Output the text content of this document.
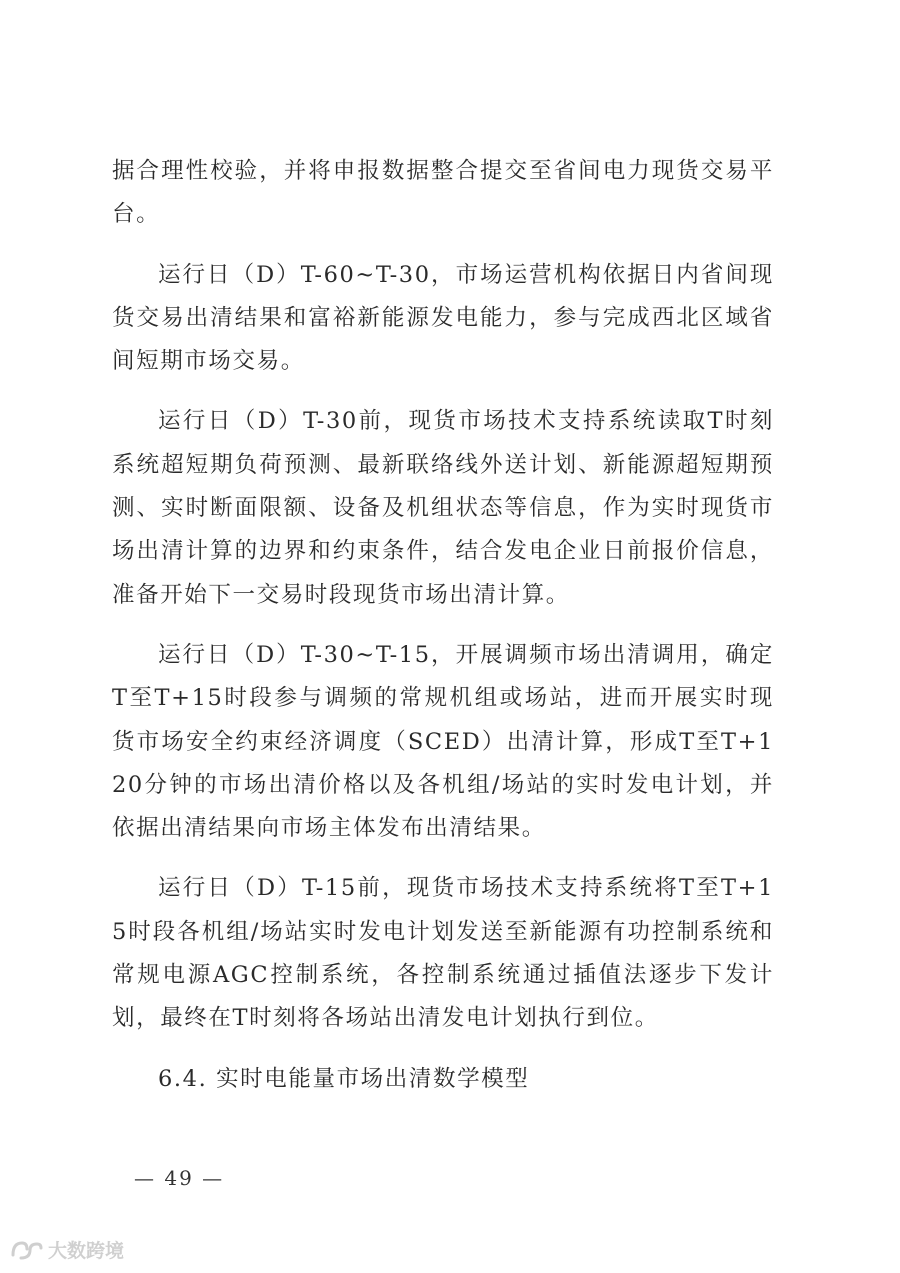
据合理性校验，并将申报数据整合提交至省间电力现货交易平台。

运行日（D）T-60~T-30，市场运营机构依据日内省间现货交易出清结果和富裕新能源发电能力，参与完成西北区域省间短期市场交易。

运行日（D）T-30前，现货市场技术支持系统读取T时刻系统超短期负荷预测、最新联络线外送计划、新能源超短期预测、实时断面限额、设备及机组状态等信息，作为实时现货市场出清计算的边界和约束条件，结合发电企业日前报价信息，准备开始下一交易时段现货市场出清计算。

运行日（D）T-30~T-15，开展调频市场出清调用，确定T至T+15时段参与调频的常规机组或场站，进而开展实时现货市场安全约束经济调度（SCED）出清计算，形成T至T+120分钟的市场出清价格以及各机组/场站的实时发电计划，并依据出清结果向市场主体发布出清结果。

运行日（D）T-15前，现货市场技术支持系统将T至T+15时段各机组/场站实时发电计划发送至新能源有功控制系统和常规电源AGC控制系统，各控制系统通过插值法逐步下发计划，最终在T时刻将各场站出清发电计划执行到位。

6.4. 实时电能量市场出清数学模型
— 49 —
大数跨境
